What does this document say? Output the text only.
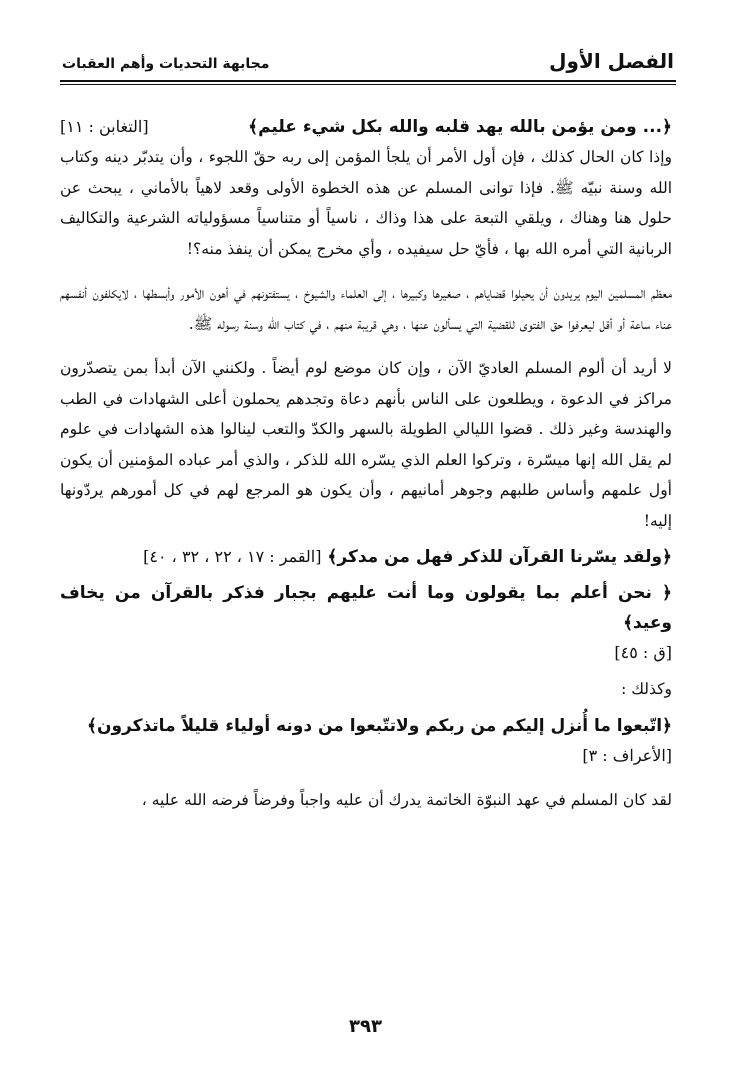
الفصل الأول
مجابهة التحديات وأهم العقبات
﴿... ومن يؤمن بالله يهد قلبه والله بكل شيء عليم﴾
[التغابن : ١١]

وإذا كان الحال كذلك ، فإن أول الأمر أن يلجأ المؤمن إلى ربه حقّ اللجوء ، وأن يتدبّر دينه وكتاب الله وسنة نبيّه ﷺ. فإذا توانى المسلم عن هذه الخطوة الأولى وقعد لاهياً بالأماني ، يبحث عن حلول هنا وهناك ، ويلقي التبعة على هذا وذاك ، ناسياً أو متناسياً مسؤولياته الشرعية والتكاليف الربانية التي أمره الله بها ، فأيّ حل سيفيده ، وأي مخرج يمكن أن ينفذ منه؟!

معظم المسلمين اليوم يريدون أن يحيلوا قضاياهم ، صغيرها وكبيرها ، إلى العلماء والشيوخ ، يستفتونهم في أهون الأمور وأبسطها ، لايكلفون أنفسهم عناء ساعة أو أقل ليعرفوا حق الفتوى للقضية التي يسألون عنها ، وهي قريبة منهم ، في كتاب الله وسنة رسوله ﷺ.

لا أريد أن ألوم المسلم العاديّ الآن ، وإن كان موضع لوم أيضاً . ولكنني الآن أبدأ بمن يتصدّرون مراكز في الدعوة ، ويطلعون على الناس بأنهم دعاة وتجدهم يحملون أعلى الشهادات في الطب والهندسة وغير ذلك . قضوا الليالي الطويلة بالسهر والكدّ والتعب لينالوا هذه الشهادات في علوم لم يقل الله إنها ميسّرة ، وتركوا العلم الذي يسّره الله للذكر ، والذي أمر عباده المؤمنين أن يكون أول علمهم وأساس طلبهم وجوهر أمانيهم ، وأن يكون هو المرجع لهم في كل أمورهم يردّونها إليه!

﴿ولقد يسّرنا القرآن للذكر فهل من مدكر﴾ [القمر : ١٧ ، ٢٢ ، ٣٢ ، ٤٠]
﴿ نحن أعلم بما يقولون وما أنت عليهم بجبار فذكر بالقرآن من يخاف وعيد﴾

[ق : ٤٥]

وكذلك :

﴿اتّبعوا ما أُنزل إليكم من ربكم ولاتتّبعوا من دونه أولياء قليلاً ماتذكرون﴾

[الأعراف : ٣]

لقد كان المسلم في عهد النبوّة الخاتمة يدرك أن عليه واجباً وفرضاً فرضه الله عليه ،

٣٩٣
